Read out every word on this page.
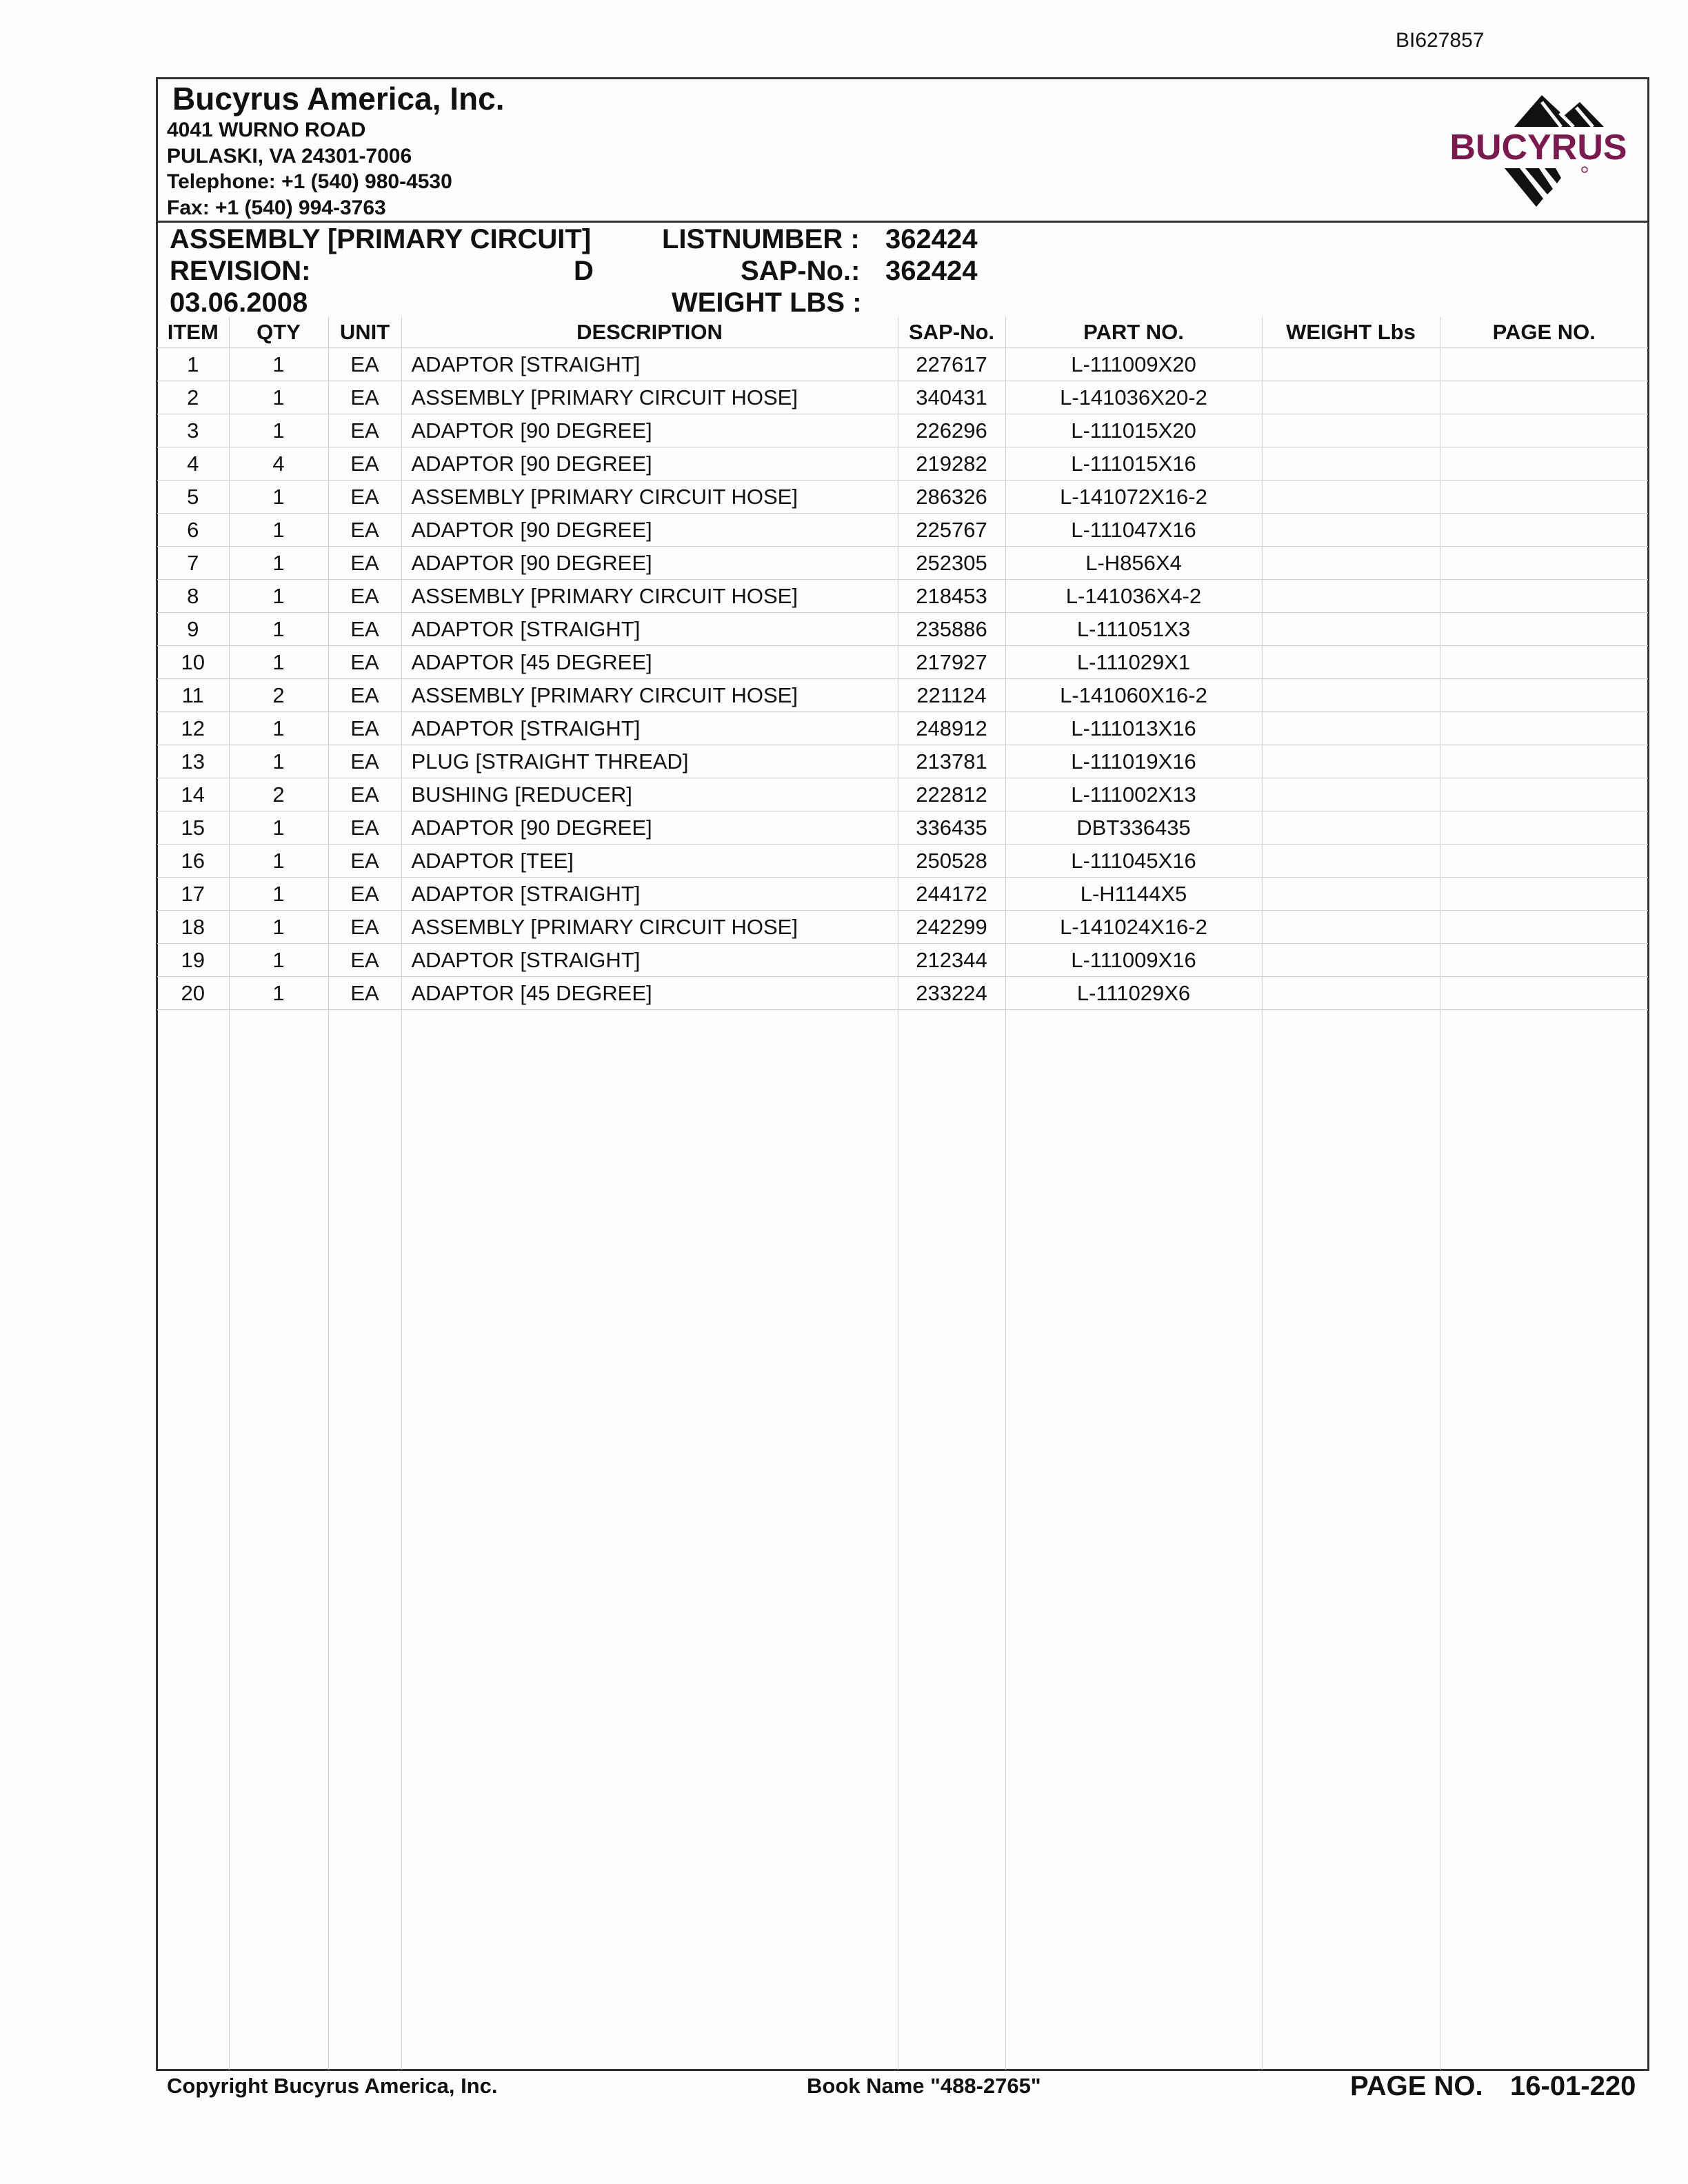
BI627857
Bucyrus America, Inc.
4041 WURNO ROAD
PULASKI, VA 24301-7006
Telephone: +1 (540) 980-4530
Fax: +1 (540) 994-3763
BUCYRUS
ASSEMBLY [PRIMARY CIRCUIT]	LISTNUMBER : 362424
REVISION:	D	SAP-No.: 362424
03.06.2008	WEIGHT LBS :
ITEM	QTY	UNIT	DESCRIPTION	SAP-No.	PART NO.	WEIGHT Lbs	PAGE NO.
1	1	EA	ADAPTOR [STRAIGHT]	227617	L-111009X20		
2	1	EA	ASSEMBLY [PRIMARY CIRCUIT HOSE]	340431	L-141036X20-2		
3	1	EA	ADAPTOR [90 DEGREE]	226296	L-111015X20		
4	4	EA	ADAPTOR [90 DEGREE]	219282	L-111015X16		
5	1	EA	ASSEMBLY [PRIMARY CIRCUIT HOSE]	286326	L-141072X16-2		
6	1	EA	ADAPTOR [90 DEGREE]	225767	L-111047X16		
7	1	EA	ADAPTOR [90 DEGREE]	252305	L-H856X4		
8	1	EA	ASSEMBLY [PRIMARY CIRCUIT HOSE]	218453	L-141036X4-2		
9	1	EA	ADAPTOR [STRAIGHT]	235886	L-111051X3		
10	1	EA	ADAPTOR [45 DEGREE]	217927	L-111029X1		
11	2	EA	ASSEMBLY [PRIMARY CIRCUIT HOSE]	221124	L-141060X16-2		
12	1	EA	ADAPTOR [STRAIGHT]	248912	L-111013X16		
13	1	EA	PLUG [STRAIGHT THREAD]	213781	L-111019X16		
14	2	EA	BUSHING [REDUCER]	222812	L-111002X13		
15	1	EA	ADAPTOR [90 DEGREE]	336435	DBT336435		
16	1	EA	ADAPTOR [TEE]	250528	L-111045X16		
17	1	EA	ADAPTOR [STRAIGHT]	244172	L-H1144X5		
18	1	EA	ASSEMBLY [PRIMARY CIRCUIT HOSE]	242299	L-141024X16-2		
19	1	EA	ADAPTOR [STRAIGHT]	212344	L-111009X16		
20	1	EA	ADAPTOR [45 DEGREE]	233224	L-111029X6		
Copyright Bucyrus America, Inc.	Book Name "488-2765"	PAGE NO. 16-01-220
